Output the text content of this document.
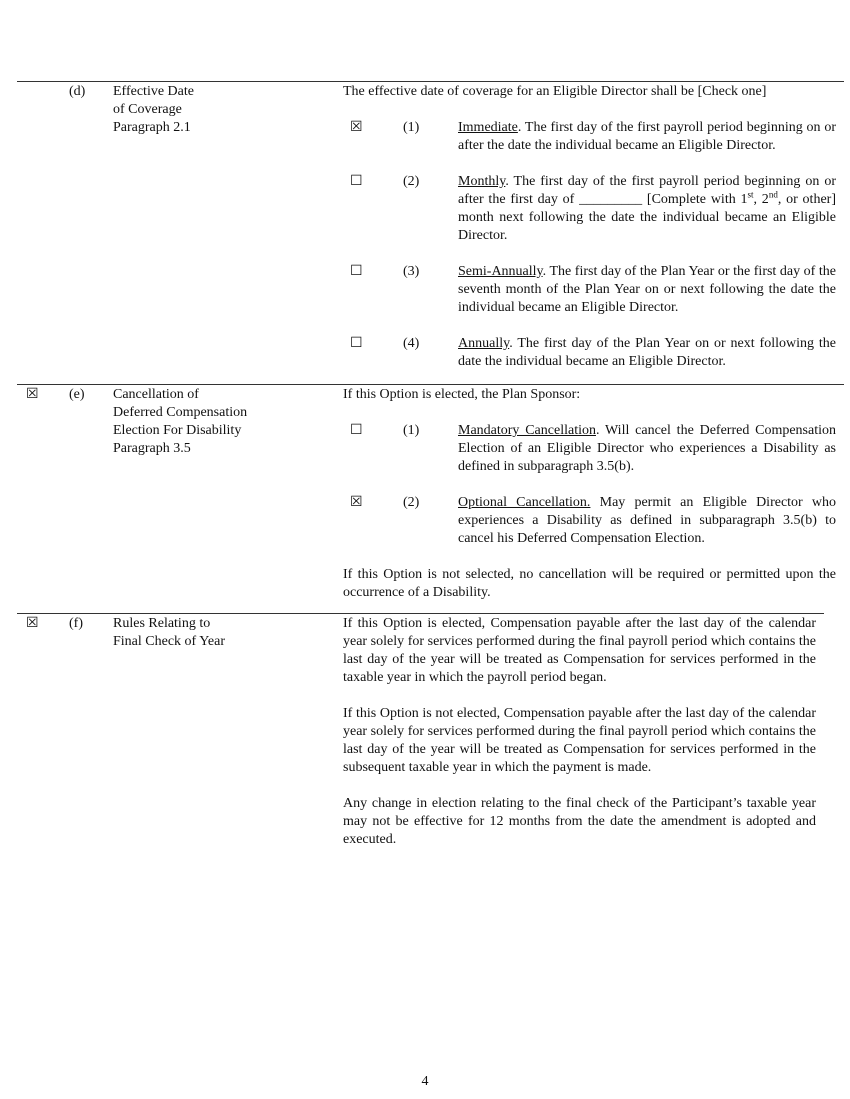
(d)	Effective Date
of Coverage
Paragraph 2.1

The effective date of coverage for an Eligible Director shall be [Check one]

☒	(1)	Immediate. The first day of the first payroll period beginning on or after the date the individual became an Eligible Director.
☐	(2)	Monthly. The first day of the first payroll period beginning on or after the first day of _________ [Complete with 1st, 2nd, or other] month next following the date the individual became an Eligible Director.
☐	(3)	Semi-Annually. The first day of the Plan Year or the first day of the seventh month of the Plan Year on or next following the date the individual became an Eligible Director.
☐	(4)	Annually. The first day of the Plan Year on or next following the date the individual became an Eligible Director.
☒ (e)	Cancellation of
Deferred Compensation
Election For Disability
Paragraph 3.5

If this Option is elected, the Plan Sponsor:

☐	(1)	Mandatory Cancellation. Will cancel the Deferred Compensation Election of an Eligible Director who experiences a Disability as defined in subparagraph 3.5(b).
☒	(2)	Optional Cancellation. May permit an Eligible Director who experiences a Disability as defined in subparagraph 3.5(b) to cancel his Deferred Compensation Election.
If this Option is not selected, no cancellation will be required or permitted upon the occurrence of a Disability.
☒ (f)	Rules Relating to
Final Check of Year

If this Option is elected, Compensation payable after the last day of the calendar year solely for services performed during the final payroll period which contains the last day of the year will be treated as Compensation for services performed in the taxable year in which the payroll period began.

If this Option is not elected, Compensation payable after the last day of the calendar year solely for services performed during the final payroll period which contains the last day of the year will be treated as Compensation for services performed in the subsequent taxable year in which the payment is made.

Any change in election relating to the final check of the Participant’s taxable year may not be effective for 12 months from the date the amendment is adopted and executed.

4
